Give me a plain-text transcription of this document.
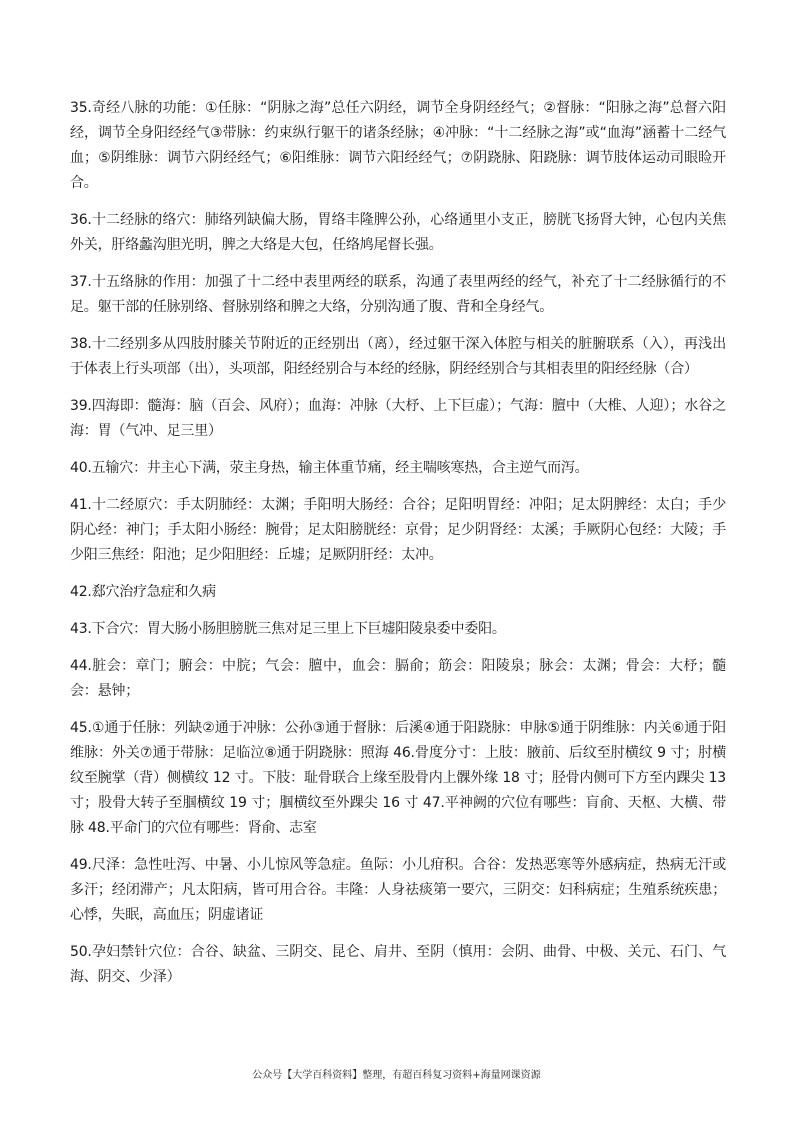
35.奇经八脉的功能：①任脉：“阴脉之海”总任六阴经，调节全身阴经经气；②督脉：“阳脉之海”总督六阳经，调节全身阳经经气③带脉：约束纵行躯干的诸条经脉；④冲脉：“十二经脉之海”或“血海”涵蓄十二经气血；⑤阴维脉：调节六阴经经气；⑥阳维脉：调节六阳经经气；⑦阴跷脉、阳跷脉：调节肢体运动司眼睑开合。

36.十二经脉的络穴：肺络列缺偏大肠，胃络丰隆脾公孙，心络通里小支正，膀胱飞扬肾大钟，心包内关焦外关，肝络蠡沟胆光明，脾之大络是大包，任络鸠尾督长强。

37.十五络脉的作用：加强了十二经中表里两经的联系，沟通了表里两经的经气，补充了十二经脉循行的不足。躯干部的任脉别络、督脉别络和脾之大络，分别沟通了腹、背和全身经气。

38.十二经别多从四肢肘膝关节附近的正经别出（离），经过躯干深入体腔与相关的脏腑联系（入），再浅出于体表上行头项部（出），头项部，阳经经别合与本经的经脉，阴经经别合与其相表里的阳经经脉（合）

39.四海即：髓海：脑（百会、风府）；血海：冲脉（大杼、上下巨虚）；气海：膻中（大椎、人迎）；水谷之海：胃（气冲、足三里）

40.五输穴：井主心下满，荥主身热，输主体重节痛，经主喘咳寒热，合主逆气而泻。

41.十二经原穴：手太阴肺经：太渊；手阳明大肠经：合谷；足阳明胃经：冲阳；足太阴脾经：太白；手少阴心经：神门；手太阳小肠经：腕骨；足太阳膀胱经：京骨；足少阴肾经：太溪；手厥阴心包经：大陵；手少阳三焦经：阳池；足少阳胆经：丘墟；足厥阴肝经：太冲。

42.郄穴治疗急症和久病

43.下合穴：胃大肠小肠胆膀胱三焦对足三里上下巨墟阳陵泉委中委阳。

44.脏会：章门；腑会：中脘；气会：膻中，血会：膈俞；筋会：阳陵泉；脉会：太渊；骨会：大杼；髓会：悬钟；

45.①通于任脉：列缺②通于冲脉：公孙③通于督脉：后溪④通于阳跷脉：申脉⑤通于阴维脉：内关⑥通于阳维脉：外关⑦通于带脉：足临泣⑧通于阴跷脉：照海 46.骨度分寸：上肢：腋前、后纹至肘横纹 9 寸；肘横纹至腕掌（背）侧横纹 12 寸。下肢：耻骨联合上缘至股骨内上髁外缘 18 寸；胫骨内侧可下方至内踝尖 13 寸；股骨大转子至腘横纹 19 寸；腘横纹至外踝尖 16 寸 47.平神阙的穴位有哪些：肓俞、天枢、大横、带脉 48.平命门的穴位有哪些：肾俞、志室

49.尺泽：急性吐泻、中暑、小儿惊风等急症。鱼际：小儿疳积。合谷：发热恶寒等外感病症，热病无汗或多汗；经闭滞产；凡太阳病，皆可用合谷。丰隆：人身祛痰第一要穴，三阴交：妇科病症；生殖系统疾患；心悸，失眠，高血压；阴虚诸证

50.孕妇禁针穴位：合谷、缺盆、三阴交、昆仑、肩井、至阴（慎用：会阴、曲骨、中极、关元、石门、气海、阴交、少泽）

公众号【大学百科资料】整理，有超百科复习资料+海量网课资源
